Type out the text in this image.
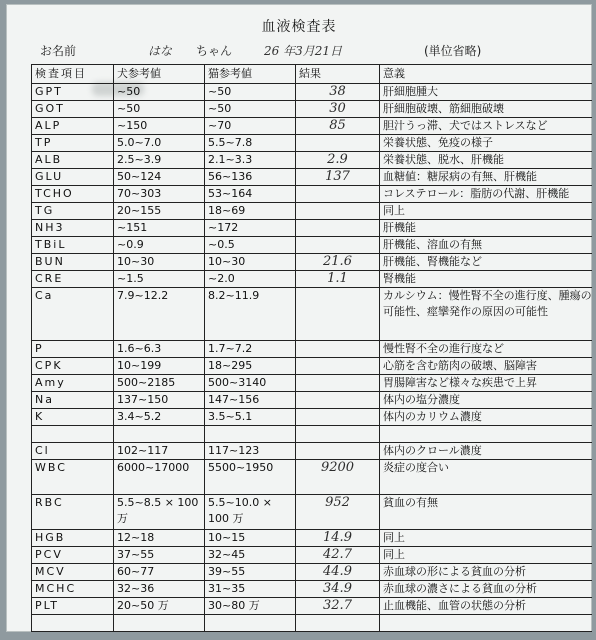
血液検査表
お名前	はな ちゃん	26 年3月21日	(単位省略)
検査項目	犬参考値	猫参考値	結果	意義
GPT	~50	~50	38	肝細胞腫大
GOT	~50	~50	30	肝細胞破壊、筋細胞破壊
ALP	~150	~70	85	胆汁うっ滞、犬ではストレスなど
TP	5.0~7.0	5.5~7.8		栄養状態、免疫の様子
ALB	2.5~3.9	2.1~3.3	2.9	栄養状態、脱水、肝機能
GLU	50~124	56~136	137	血糖値：糖尿病の有無、肝機能
TCHO	70~303	53~164		コレステロール：脂肪の代謝、肝機能
TG	20~155	18~69		同上
NH3	~151	~172		肝機能
TBiL	~0.9	~0.5		肝機能、溶血の有無
BUN	10~30	10~30	21.6	肝機能、腎機能など
CRE	~1.5	~2.0	1.1	腎機能
Ca	7.9~12.2	8.2~11.9		カルシウム：慢性腎不全の進行度、腫瘍の可能性、痙攣発作の原因の可能性
P	1.6~6.3	1.7~7.2		慢性腎不全の進行度など
CPK	10~199	18~295		心筋を含む筋肉の破壊、脳障害
Amy	500~2185	500~3140		胃腸障害など様々な疾患で上昇
Na	137~150	147~156		体内の塩分濃度
K	3.4~5.2	3.5~5.1		体内のカリウム濃度

Cl	102~117	117~123		体内のクロール濃度
WBC	6000~17000	5500~1950	9200	炎症の度合い
RBC	5.5~8.5 × 100 万	5.5~10.0 × 100 万	952	貧血の有無
HGB	12~18	10~15	14.9	同上
PCV	37~55	32~45	42.7	同上
MCV	60~77	39~55	44.9	赤血球の形による貧血の分析
MCHC	32~36	31~35	34.9	赤血球の濃さによる貧血の分析
PLT	20~50 万	30~80 万	32.7	止血機能、血管の状態の分析
